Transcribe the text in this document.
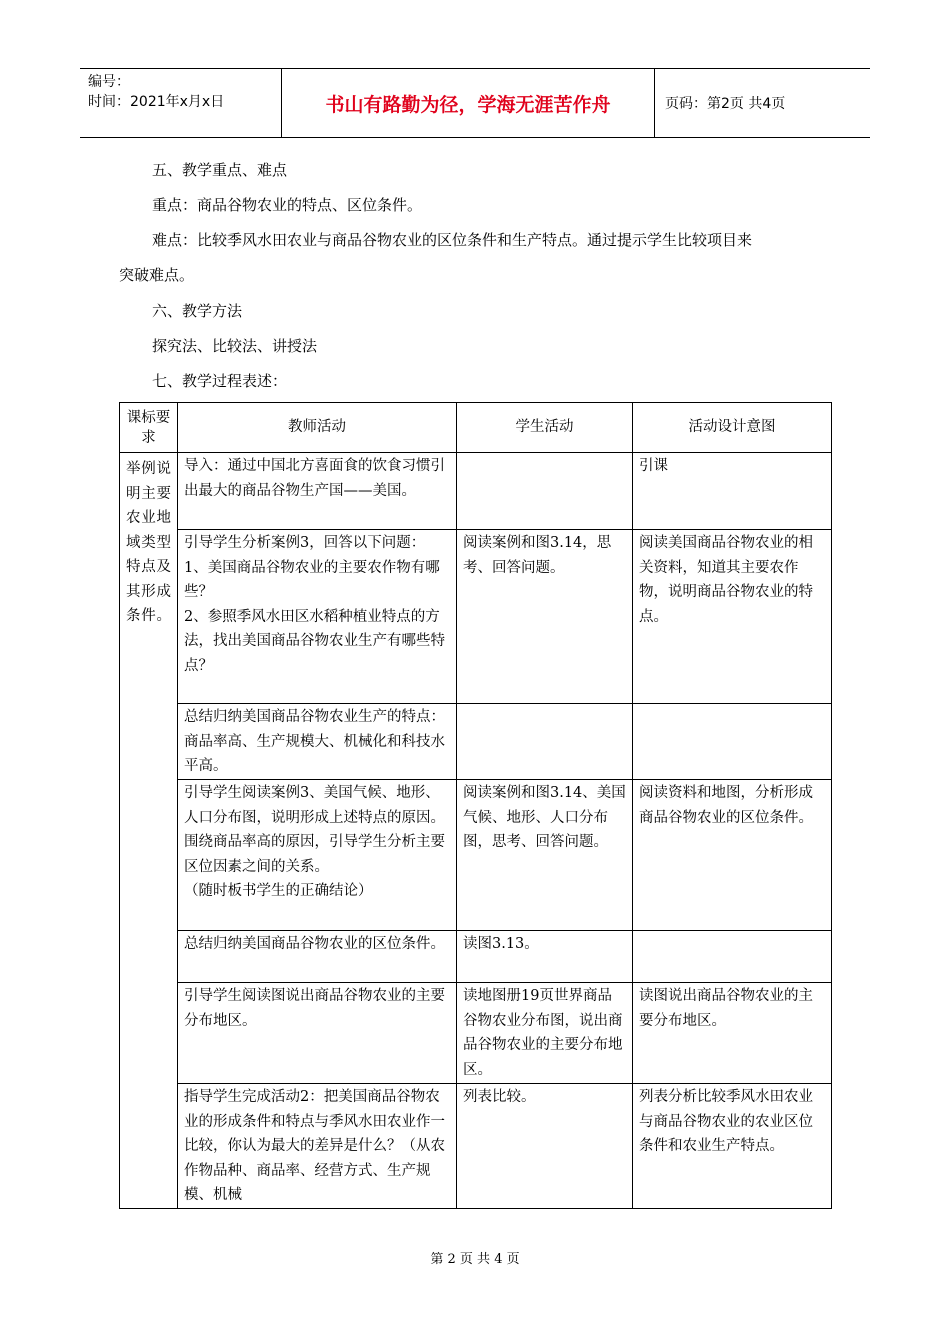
编号：
时间：2021年x月x日	书山有路勤为径，学海无涯苦作舟	页码：第2页 共4页
五、教学重点、难点
重点：商品谷物农业的特点、区位条件。
难点：比较季风水田农业与商品谷物农业的区位条件和生产特点。通过提示学生比较项目来
突破难点。
六、教学方法
探究法、比较法、讲授法
七、教学过程表述：
课标要求	教师活动	学生活动	活动设计意图
举例说明主要农业地域类型特点及其形成条件。	导入：通过中国北方喜面食的饮食习惯引出最大的商品谷物生产国——美国。		引课
	引导学生分析案例3，回答以下问题：
1、美国商品谷物农业的主要农作物有哪些？
2、参照季风水田区水稻种植业特点的方法，找出美国商品谷物农业生产有哪些特点？	阅读案例和图3.14，思考、回答问题。	阅读美国商品谷物农业的相关资料，知道其主要农作物，说明商品谷物农业的特点。
	总结归纳美国商品谷物农业生产的特点：商品率高、生产规模大、机械化和科技水平高。		
	引导学生阅读案例3、美国气候、地形、人口分布图，说明形成上述特点的原因。
围绕商品率高的原因，引导学生分析主要区位因素之间的关系。
（随时板书学生的正确结论）	阅读案例和图3.14、美国气候、地形、人口分布图，思考、回答问题。	阅读资料和地图，分析形成商品谷物农业的区位条件。
	总结归纳美国商品谷物农业的区位条件。	读图3.13。	
	引导学生阅读图说出商品谷物农业的主要分布地区。	读地图册19页世界商品谷物农业分布图，说出商品谷物农业的主要分布地区。	读图说出商品谷物农业的主要分布地区。
	指导学生完成活动2：把美国商品谷物农业的形成条件和特点与季风水田农业作一比较，你认为最大的差异是什么？（从农作物品种、商品率、经营方式、生产规模、机械	列表比较。	列表分析比较季风水田农业与商品谷物农业的农业区位条件和农业生产特点。
第 2 页 共 4 页
